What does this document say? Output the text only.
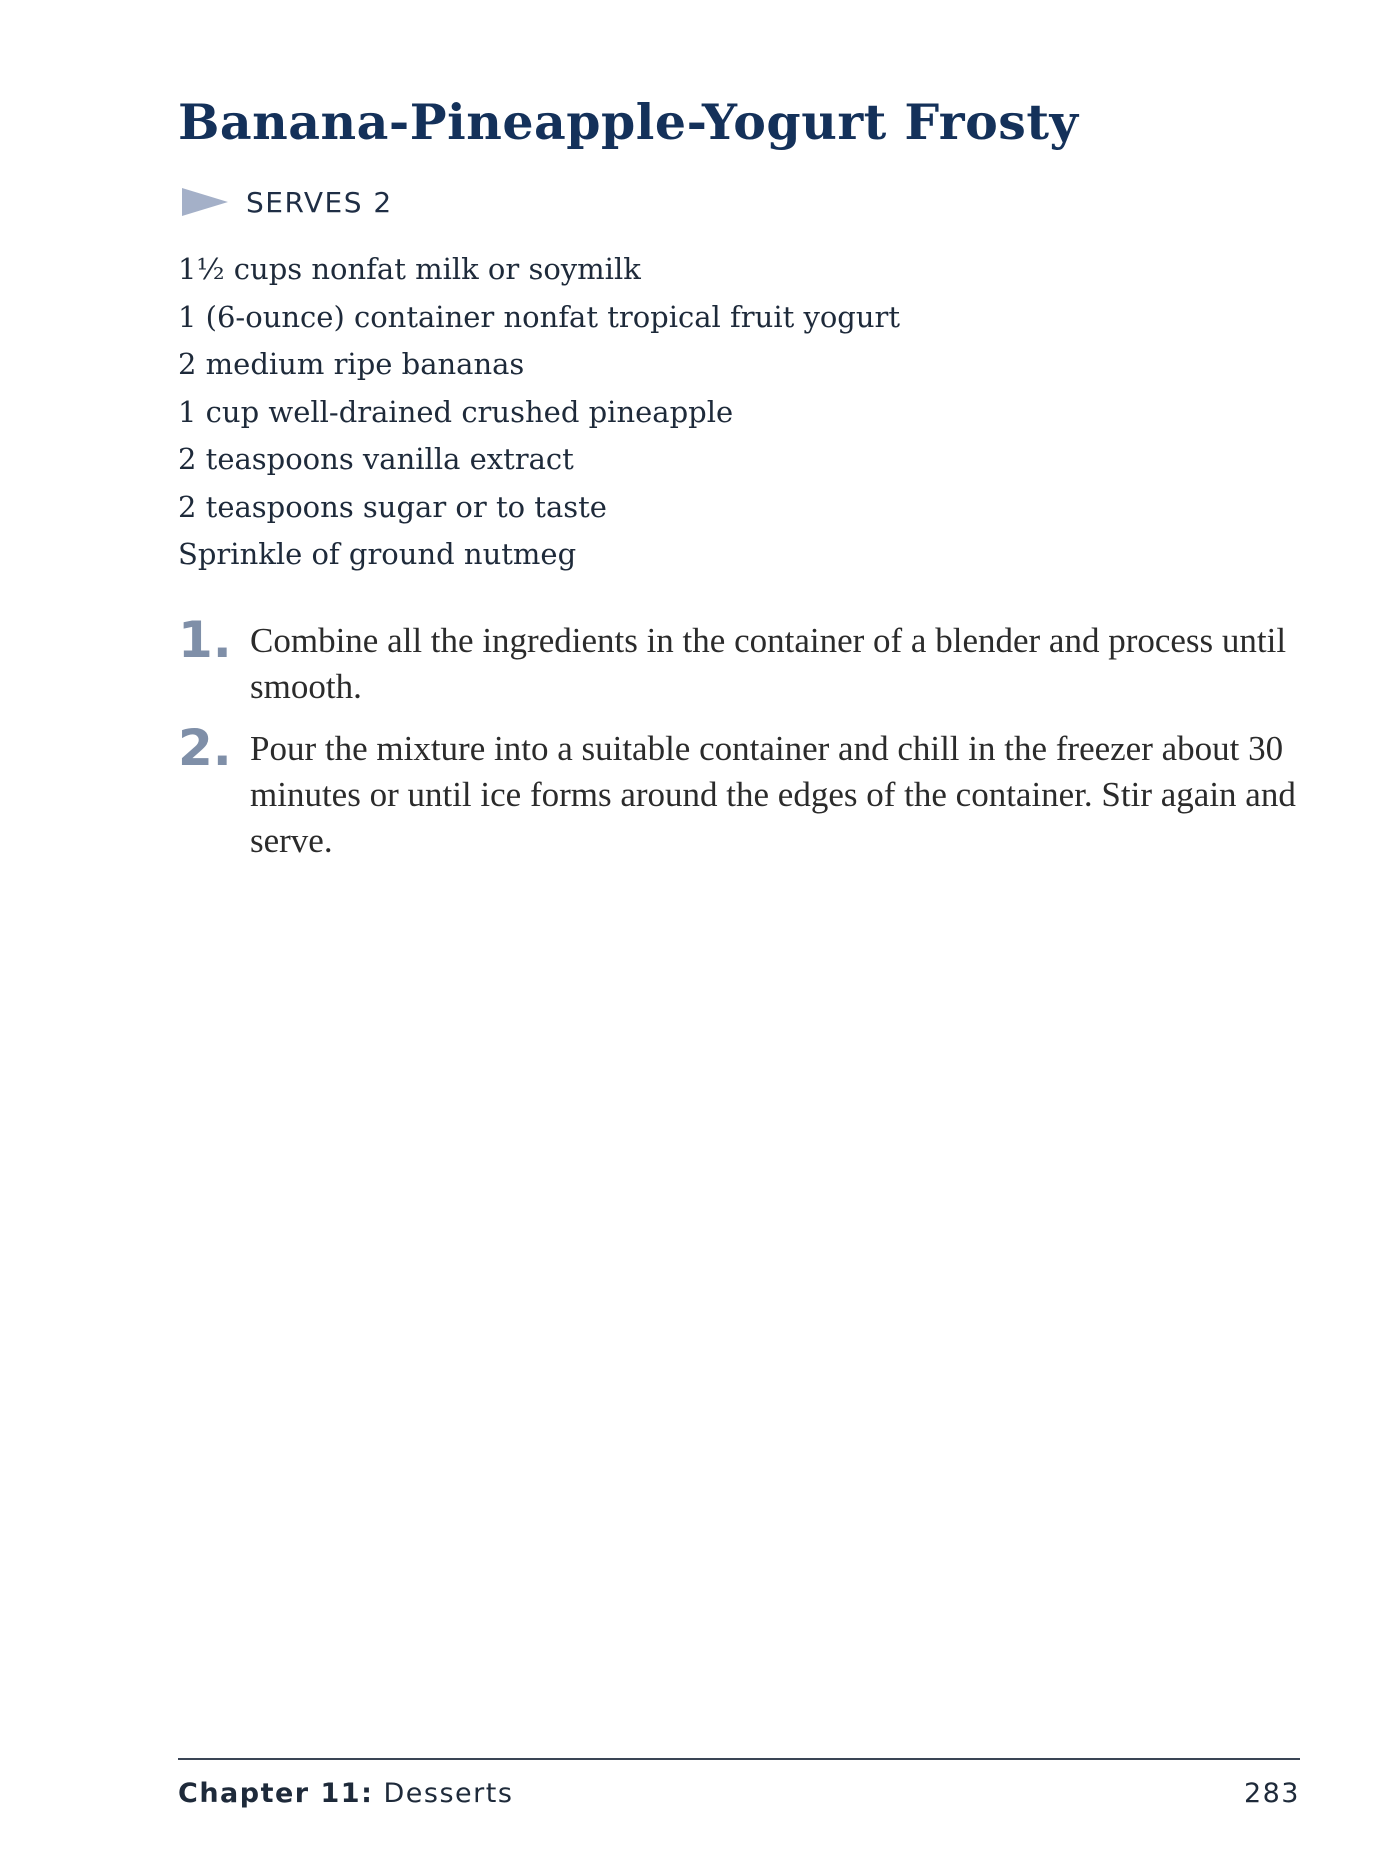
Banana-Pineapple-Yogurt Frosty
SERVES 2
1½ cups nonfat milk or soymilk
1 (6-ounce) container nonfat tropical fruit yogurt
2 medium ripe bananas
1 cup well-drained crushed pineapple
2 teaspoons vanilla extract
2 teaspoons sugar or to taste
Sprinkle of ground nutmeg
1. Combine all the ingredients in the container of a blender and process until smooth.
2. Pour the mixture into a suitable container and chill in the freezer about 30 minutes or until ice forms around the edges of the container. Stir again and serve.
Chapter 11: Desserts	283
